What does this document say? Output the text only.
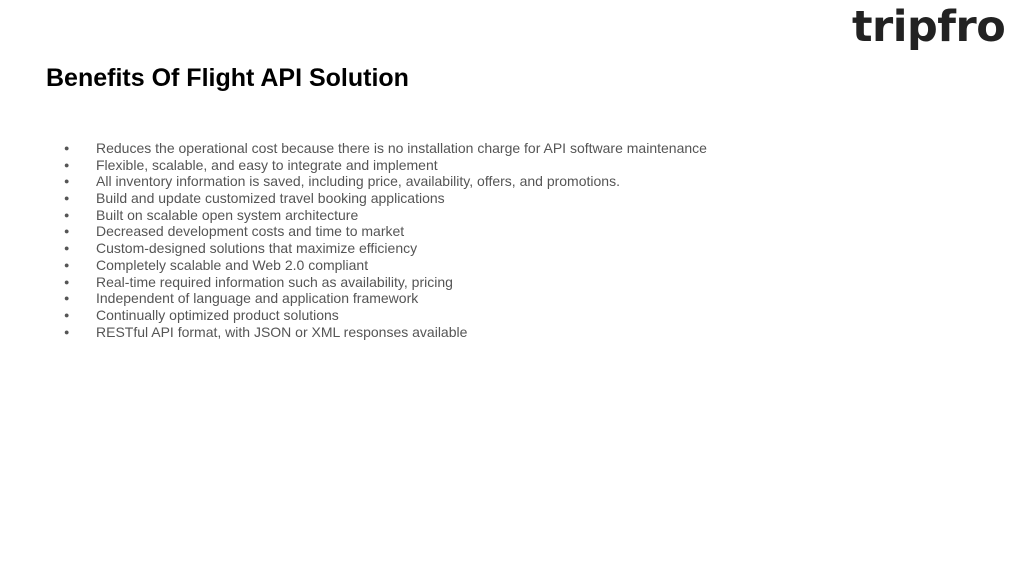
tripfro
Benefits Of Flight API Solution
● Reduces the operational cost because there is no installation charge for API software maintenance
● Flexible, scalable, and easy to integrate and implement
● All inventory information is saved, including price, availability, offers, and promotions.
● Build and update customized travel booking applications
● Built on scalable open system architecture
● Decreased development costs and time to market
● Custom-designed solutions that maximize efficiency
● Completely scalable and Web 2.0 compliant
● Real-time required information such as availability, pricing
● Independent of language and application framework
● Continually optimized product solutions
● RESTful API format, with JSON or XML responses available
